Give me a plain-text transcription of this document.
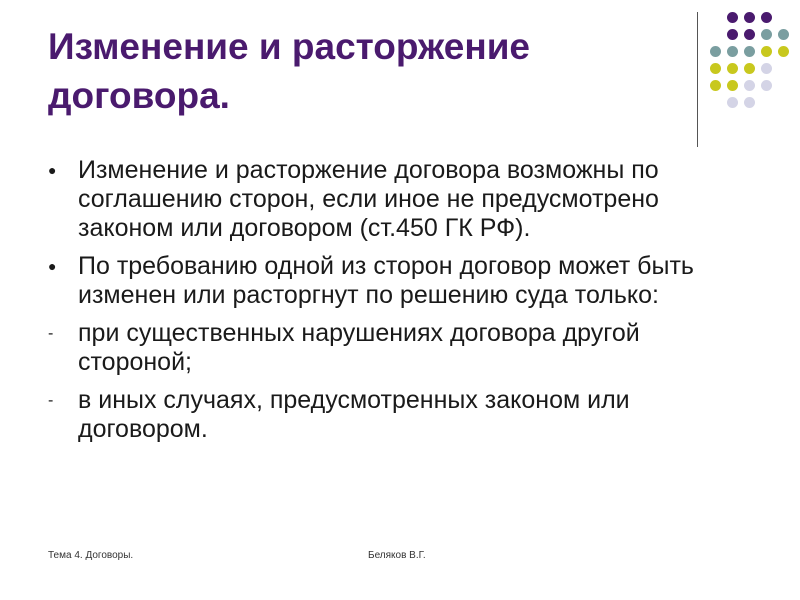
Изменение и расторжение договора.
● Изменение и расторжение договора возможны по соглашению сторон, если иное не предусмотрено законом или договором (ст.450 ГК РФ).
● По требованию одной из сторон договор может быть изменен или расторгнут по решению суда только:
- при существенных нарушениях договора другой стороной;
- в иных случаях, предусмотренных законом или договором.
Тема 4. Договоры.	Беляков В.Г.
